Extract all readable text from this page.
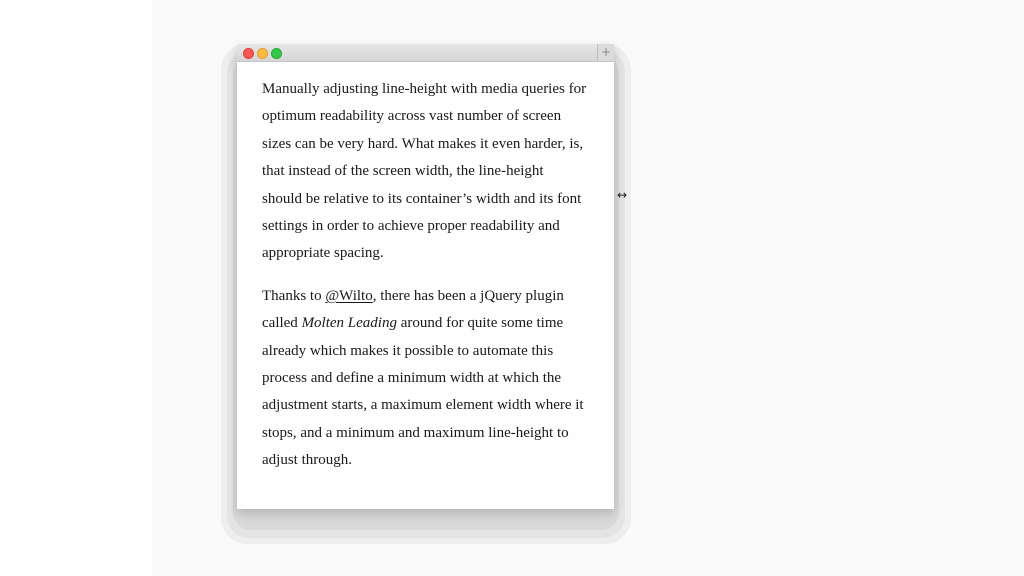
+

Manually adjusting line-height with media queries for
optimum readability across vast number of screen
sizes can be very hard. What makes it even harder, is,
that instead of the screen width, the line-height
should be relative to its container’s width and its font
settings in order to achieve proper readability and
appropriate spacing.

Thanks to @Wilto, there has been a jQuery plugin
called Molten Leading around for quite some time
already which makes it possible to automate this
process and define a minimum width at which the
adjustment starts, a maximum element width where it
stops, and a minimum and maximum line-height to
adjust through.

↔
